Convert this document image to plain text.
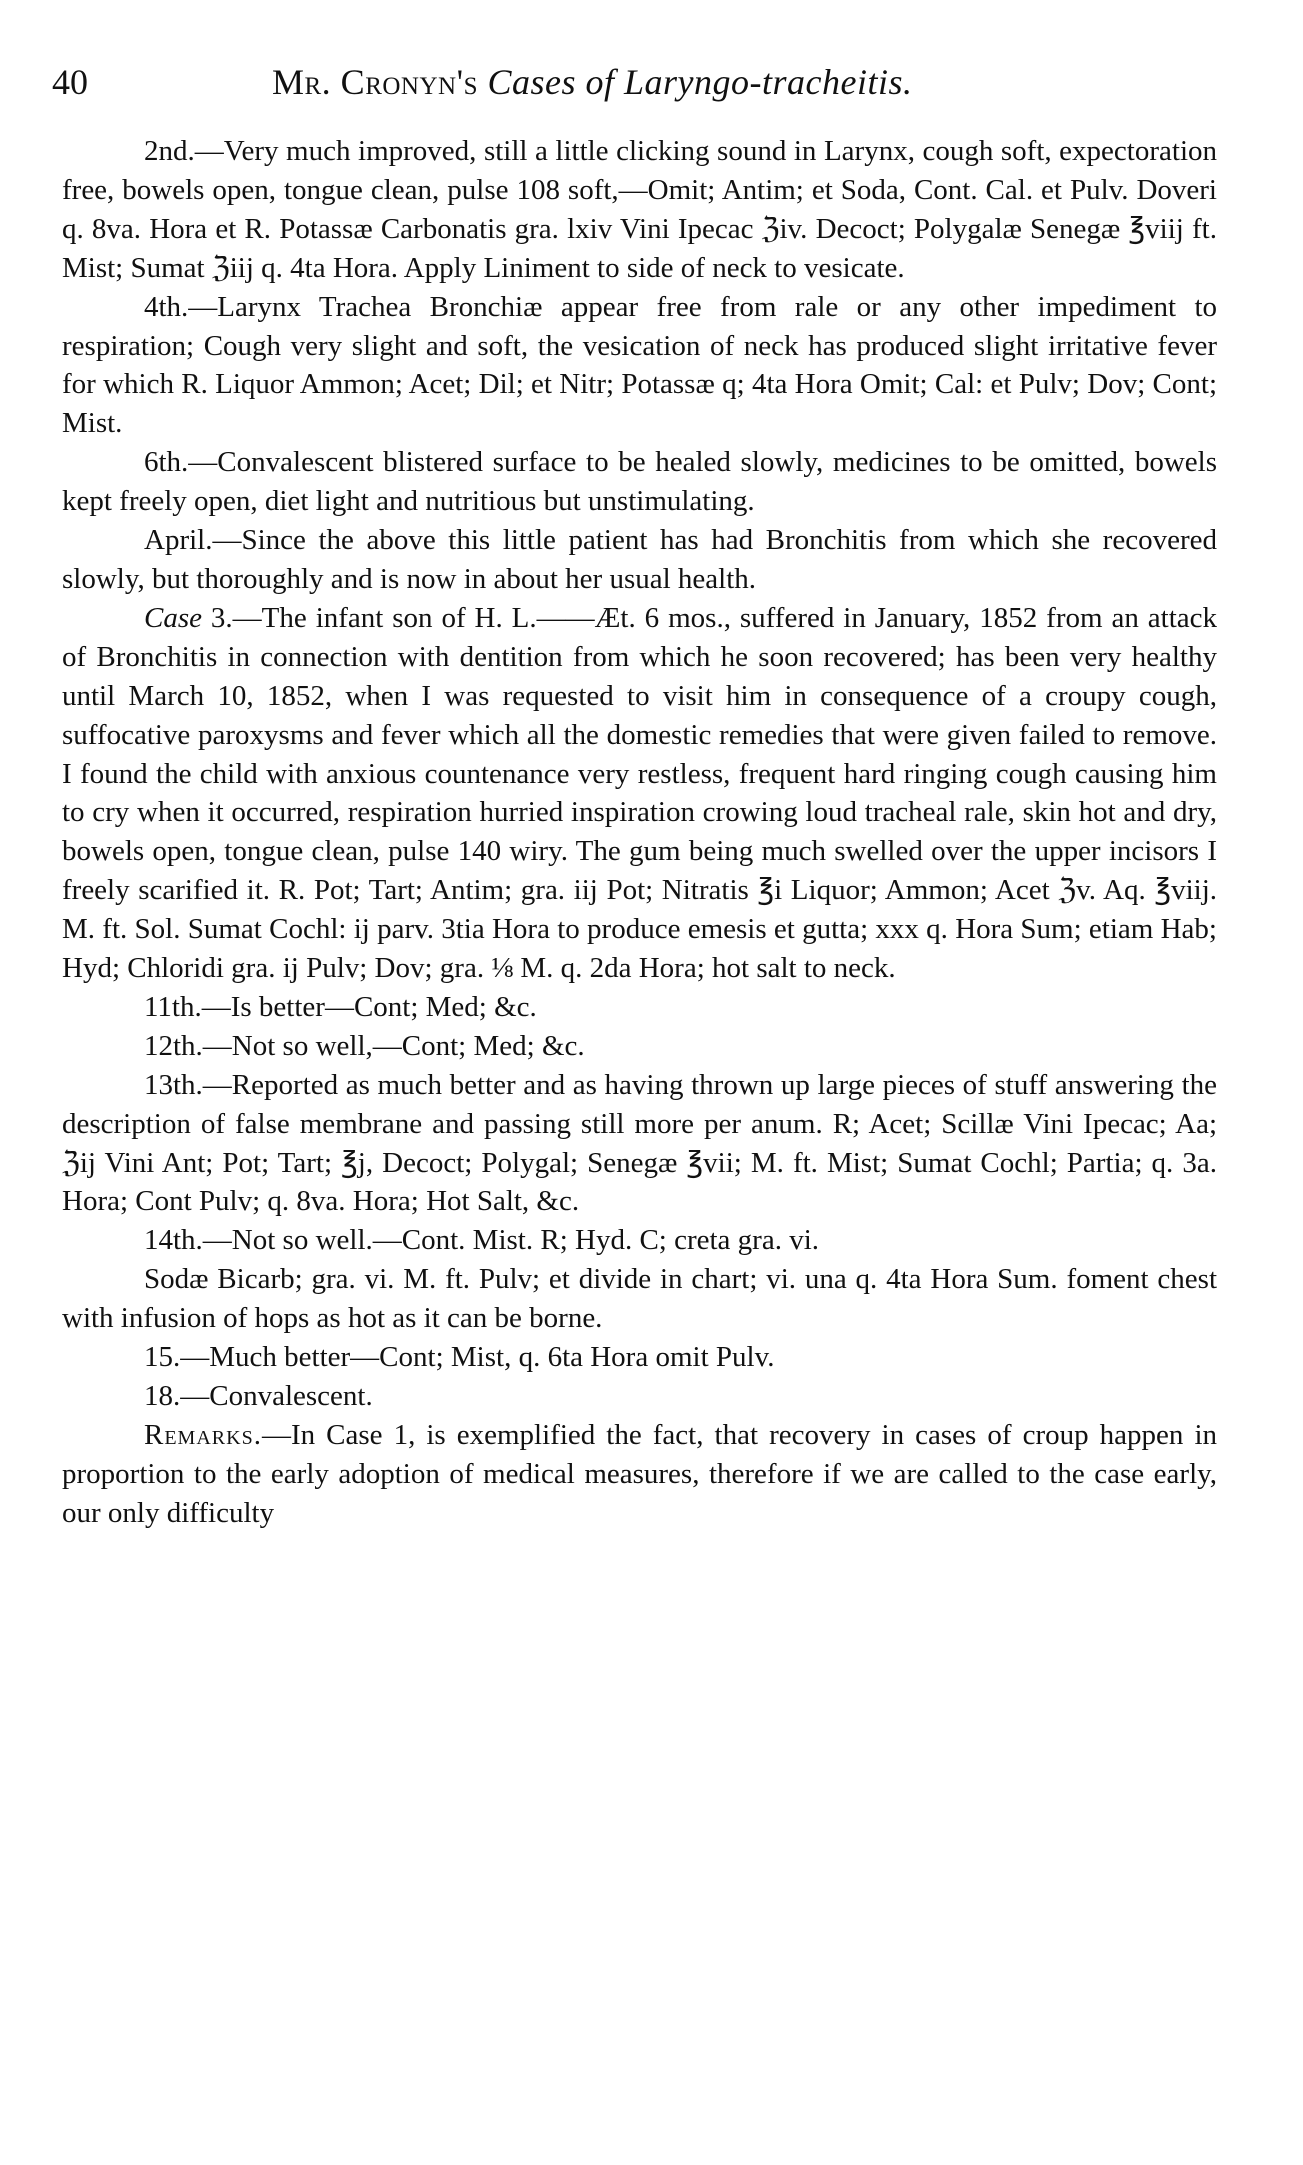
40	Mr. Cronyn's Cases of Laryngo-tracheitis.

2nd.—Very much improved, still a little clicking sound in Larynx, cough soft, expectoration free, bowels open, tongue clean, pulse 108 soft,—Omit; Antim; et Soda, Cont. Cal. et Pulv. Doveri q. 8va. Hora et R. Potassæ Carbonatis gra. lxiv Vini Ipecac ℨiv. Decoct; Polygalæ Senegæ ℥viij ft. Mist; Sumat ℨiij q. 4ta Hora. Apply Liniment to side of neck to vesicate.

4th.—Larynx Trachea Bronchiæ appear free from rale or any other impediment to respiration; Cough very slight and soft, the vesication of neck has produced slight irritative fever for which R. Liquor Ammon; Acet; Dil; et Nitr; Potassæ q; 4ta Hora Omit; Cal: et Pulv; Dov; Cont; Mist.

6th.—Convalescent blistered surface to be healed slowly, medicines to be omitted, bowels kept freely open, diet light and nutritious but unstimulating.

April.—Since the above this little patient has had Bronchitis from which she recovered slowly, but thoroughly and is now in about her usual health.

Case 3.—The infant son of H. L.——Æt. 6 mos., suffered in January, 1852 from an attack of Bronchitis in connection with dentition from which he soon recovered; has been very healthy until March 10, 1852, when I was requested to visit him in consequence of a croupy cough, suffocative paroxysms and fever which all the domestic remedies that were given failed to remove. I found the child with anxious countenance very restless, frequent hard ringing cough causing him to cry when it occurred, respiration hurried inspiration crowing loud tracheal rale, skin hot and dry, bowels open, tongue clean, pulse 140 wiry. The gum being much swelled over the upper incisors I freely scarified it. R. Pot; Tart; Antim; gra. iij Pot; Nitratis ℥i Liquor; Ammon; Acet ℨv. Aq. ℥viij. M. ft. Sol. Sumat Cochl: ij parv. 3tia Hora to produce emesis et gutta; xxx q. Hora Sum; etiam Hab; Hyd; Chloridi gra. ij Pulv; Dov; gra. ⅛ M. q. 2da Hora; hot salt to neck.

11th.—Is better—Cont; Med; &c.

12th.—Not so well,—Cont; Med; &c.

13th.—Reported as much better and as having thrown up large pieces of stuff answering the description of false membrane and passing still more per anum. R; Acet; Scillæ Vini Ipecac; Aa; ℨij Vini Ant; Pot; Tart; ℥j, Decoct; Polygal; Senegæ ℥vii; M. ft. Mist; Sumat Cochl; Partia; q. 3a. Hora; Cont Pulv; q. 8va. Hora; Hot Salt, &c.

14th.—Not so well.—Cont. Mist. R; Hyd. C; creta gra. vi.

Sodæ Bicarb; gra. vi. M. ft. Pulv; et divide in chart; vi. una q. 4ta Hora Sum. foment chest with infusion of hops as hot as it can be borne.

15.—Much better—Cont; Mist, q. 6ta Hora omit Pulv.

18.—Convalescent.

Remarks.—In Case 1, is exemplified the fact, that recovery in cases of croup happen in proportion to the early adoption of medical measures, therefore if we are called to the case early, our only difficulty
